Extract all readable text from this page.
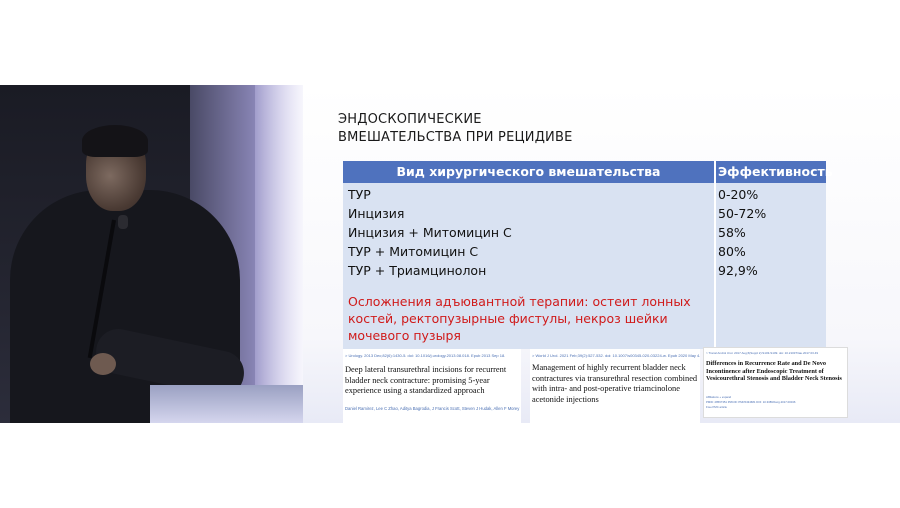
ЭНДОСКОПИЧЕСКИЕ
ВМЕШАТЕЛЬСТВА ПРИ РЕЦИДИВЕ
Вид хирургического вмешательства	Эффективность
ТУР	0-20%
Инцизия	50-72%
Инцизия + Митомицин С	58%
ТУР + Митомицин С	80%
ТУР + Триамцинолон	92,9%
Осложнения адъювантной терапии: остеит лонных костей, ректопузырные фистулы, некроз шейки мочевого пузыря
> Urology. 2013 Dec;82(6):1430-5. doi: 10.1016/j.urology.2013.08.018. Epub 2013 Sep 18.
Deep lateral transurethral incisions for recurrent bladder neck contracture: promising 5-year experience using a standardized approach
Daniel Ramirez, Lee C Zhao, Aditya Bagrodia, J Francis Scott, Steven J Hudak, Allen F Morey
> World J Urol. 2021 Feb;39(2):527-532. doi: 10.1007/s00345-020-03224-w. Epub 2020 May 4.
Management of highly recurrent bladder neck contractures via transurethral resection combined with intra- and post-operative triamcinolone acetonide injections
> Transl Androl Urol. 2017 Aug;6(Suppl 2):S103-S109. doi: 10.21037/tau.2017.03.49
Differences in Recurrence Rate and De Novo Incontinence after Endoscopic Treatment of Vesicourethral Stenosis and Bladder Neck Stenosis
Affiliations + expand
PMID: 28567351 PMCID: PMC5434681 DOI: 10.3389/fsurg.2017.00046
Free PMC article
